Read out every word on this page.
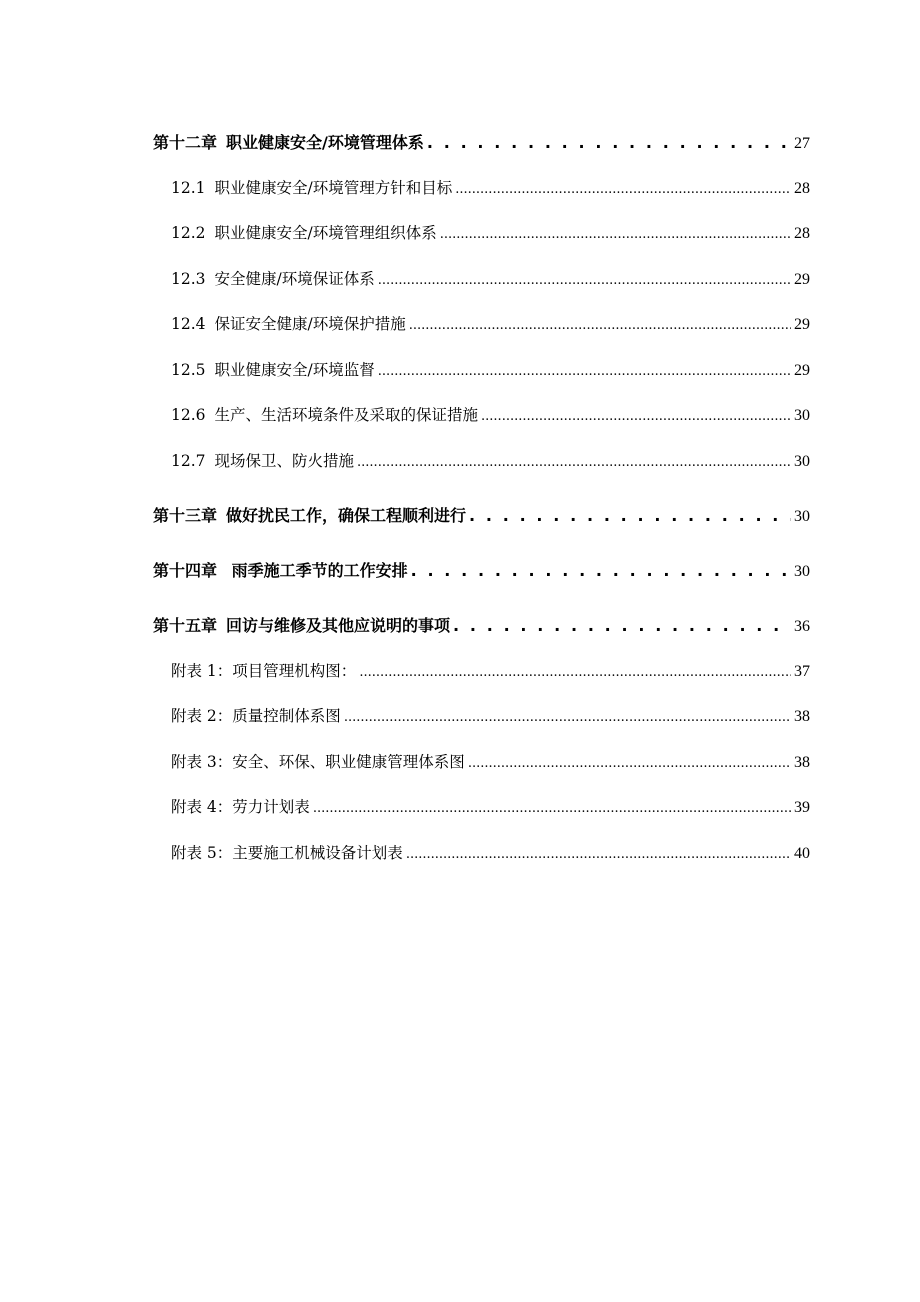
第十二章 职业健康安全/环境管理体系 . . .	27
12.1 职业健康安全/环境管理方针和目标 .....	28
12.2 职业健康安全/环境管理组织体系 .....	28
12.3 安全健康/环境保证体系 .....	29
12.4 保证安全健康/环境保护措施 .....	29
12.5 职业健康安全/环境监督 .....	29
12.6 生产、生活环境条件及采取的保证措施 .....	30
12.7 现场保卫、防火措施 .....	30
第十三章 做好扰民工作，确保工程顺利进行 . . .	30
第十四章 雨季施工季节的工作安排 . . .	30
第十五章 回访与维修及其他应说明的事项 . . .	36
附表 1： 项目管理机构图： .....	37
附表 2： 质量控制体系图 .....	38
附表 3： 安全、环保、职业健康管理体系图 .....	38
附表 4： 劳力计划表 .....	39
附表 5： 主要施工机械设备计划表 .....	40
